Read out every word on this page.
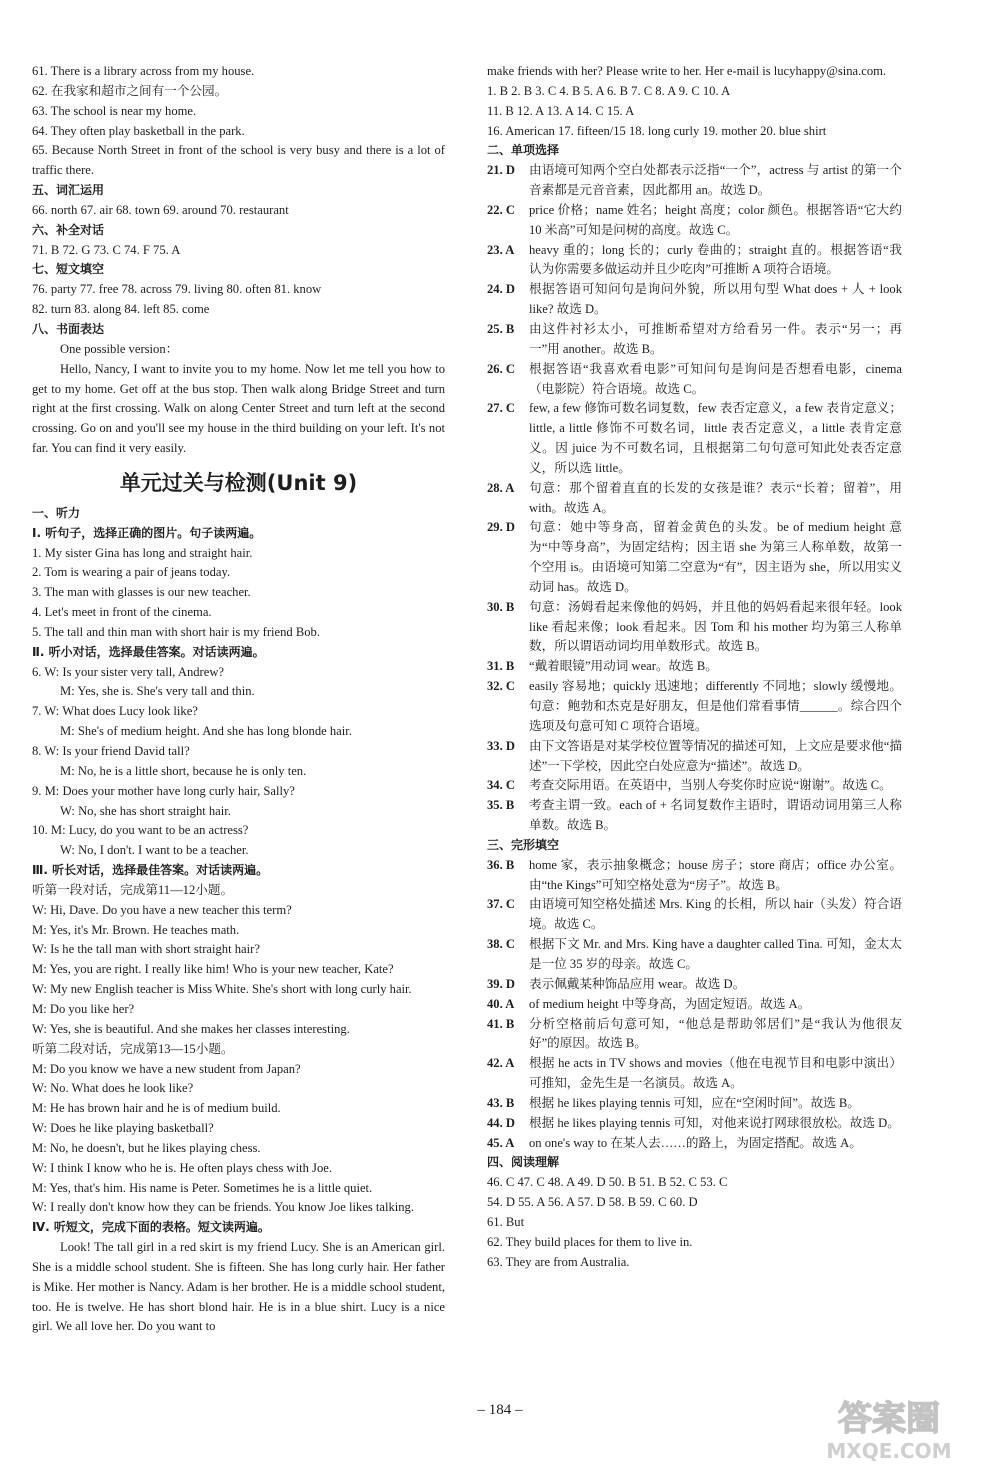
61. There is a library across from my house.
62. 在我家和超市之间有一个公园。
63. The school is near my home.
64. They often play basketball in the park.
65. Because North Street in front of the school is very busy and there is a lot of traffic there.
五、词汇运用
66. north 67. air 68. town 69. around 70. restaurant
六、补全对话
71. B 72. G 73. C 74. F 75. A
七、短文填空
76. party 77. free 78. across 79. living 80. often 81. know
82. turn 83. along 84. left 85. come
八、书面表达
One possible version：
Hello, Nancy, I want to invite you to my home. Now let me tell you how to get to my home. Get off at the bus stop. Then walk along Bridge Street and turn right at the first crossing. Walk on along Center Street and turn left at the second crossing. Go on and you'll see my house in the third building on your left. It's not far. You can find it very easily.
单元过关与检测(Unit 9)
一、听力
Ⅰ. 听句子，选择正确的图片。句子读两遍。
1. My sister Gina has long and straight hair.
2. Tom is wearing a pair of jeans today.
3. The man with glasses is our new teacher.
4. Let's meet in front of the cinema.
5. The tall and thin man with short hair is my friend Bob.
Ⅱ. 听小对话，选择最佳答案。对话读两遍。
6. W: Is your sister very tall, Andrew?
M: Yes, she is. She's very tall and thin.
7. W: What does Lucy look like?
M: She's of medium height. And she has long blonde hair.
8. W: Is your friend David tall?
M: No, he is a little short, because he is only ten.
9. M: Does your mother have long curly hair, Sally?
W: No, she has short straight hair.
10. M: Lucy, do you want to be an actress?
W: No, I don't. I want to be a teacher.
Ⅲ. 听长对话，选择最佳答案。对话读两遍。
听第一段对话，完成第11—12小题。
W: Hi, Dave. Do you have a new teacher this term?
M: Yes, it's Mr. Brown. He teaches math.
W: Is he the tall man with short straight hair?
M: Yes, you are right. I really like him! Who is your new teacher, Kate?
W: My new English teacher is Miss White. She's short with long curly hair.
M: Do you like her?
W: Yes, she is beautiful. And she makes her classes interesting.
听第二段对话，完成第13—15小题。
M: Do you know we have a new student from Japan?
W: No. What does he look like?
M: He has brown hair and he is of medium build.
W: Does he like playing basketball?
M: No, he doesn't, but he likes playing chess.
W: I think I know who he is. He often plays chess with Joe.
M: Yes, that's him. His name is Peter. Sometimes he is a little quiet.
W: I really don't know how they can be friends. You know Joe likes talking.
Ⅳ. 听短文，完成下面的表格。短文读两遍。
Look! The tall girl in a red skirt is my friend Lucy. She is an American girl. She is a middle school student. She is fifteen. She has long curly hair. Her father is Mike. Her mother is Nancy. Adam is her brother. He is a middle school student, too. He is twelve. He has short blond hair. He is in a blue shirt. Lucy is a nice girl. We all love her. Do you want to
make friends with her? Please write to her. Her e-mail is lucyhappy@sina.com.
1. B 2. B 3. C 4. B 5. A 6. B 7. C 8. A 9. C 10. A
11. B 12. A 13. A 14. C 15. A
16. American 17. fifteen/15 18. long curly 19. mother 20. blue shirt
二、单项选择
21. D	由语境可知两个空白处都表示泛指“一个”，actress 与 artist 的第一个音素都是元音音素，因此都用 an。故选 D。
22. C	price 价格；name 姓名；height 高度；color 颜色。根据答语“它大约 10 米高”可知是问树的高度。故选 C。
23. A	heavy 重的；long 长的；curly 卷曲的；straight 直的。根据答语“我认为你需要多做运动并且少吃肉”可推断 A 项符合语境。
24. D	根据答语可知问句是询问外貌，所以用句型 What does + 人 + look like? 故选 D。
25. B	由这件衬衫太小，可推断希望对方给看另一件。表示“另一；再一”用 another。故选 B。
26. C	根据答语“我喜欢看电影”可知问句是询问是否想看电影，cinema（电影院）符合语境。故选 C。
27. C	few, a few 修饰可数名词复数，few 表否定意义，a few 表肯定意义；little, a little 修饰不可数名词，little 表否定意义，a little 表肯定意义。因 juice 为不可数名词，且根据第二句句意可知此处表否定意义，所以选 little。
28. A	句意：那个留着直直的长发的女孩是谁？表示“长着；留着”，用 with。故选 A。
29. D	句意：她中等身高，留着金黄色的头发。be of medium height 意为“中等身高”，为固定结构；因主语 she 为第三人称单数，故第一个空用 is。由语境可知第二空意为“有”，因主语为 she，所以用实义动词 has。故选 D。
30. B	句意：汤姆看起来像他的妈妈，并且他的妈妈看起来很年轻。look like 看起来像；look 看起来。因 Tom 和 his mother 均为第三人称单数，所以谓语动词均用单数形式。故选 B。
31. B	“戴着眼镜”用动词 wear。故选 B。
32. C	easily 容易地；quickly 迅速地；differently 不同地；slowly 缓慢地。句意：鲍勃和杰克是好朋友，但是他们常看事情______。综合四个选项及句意可知 C 项符合语境。
33. D	由下文答语是对某学校位置等情况的描述可知，上文应是要求他“描述”一下学校，因此空白处应意为“描述”。故选 D。
34. C	考查交际用语。在英语中，当别人夸奖你时应说“谢谢”。故选 C。
35. B	考查主谓一致。each of + 名词复数作主语时，谓语动词用第三人称单数。故选 B。
三、完形填空
36. B	home 家，表示抽象概念；house 房子；store 商店；office 办公室。由“the Kings”可知空格处意为“房子”。故选 B。
37. C	由语境可知空格处描述 Mrs. King 的长相，所以 hair（头发）符合语境。故选 C。
38. C	根据下文 Mr. and Mrs. King have a daughter called Tina. 可知，金太太是一位 35 岁的母亲。故选 C。
39. D	表示佩戴某种饰品应用 wear。故选 D。
40. A	of medium height 中等身高，为固定短语。故选 A。
41. B	分析空格前后句意可知，“他总是帮助邻居们”是“我认为他很友好”的原因。故选 B。
42. A	根据 he acts in TV shows and movies（他在电视节目和电影中演出）可推知，金先生是一名演员。故选 A。
43. B	根据 he likes playing tennis 可知，应在“空闲时间”。故选 B。
44. D	根据 he likes playing tennis 可知，对他来说打网球很放松。故选 D。
45. A	on one's way to 在某人去……的路上，为固定搭配。故选 A。
四、阅读理解
46. C 47. C 48. A 49. D 50. B 51. B 52. C 53. C
54. D 55. A 56. A 57. D 58. B 59. C 60. D
61. But
62. They build places for them to live in.
63. They are from Australia.
– 184 –	答案圈
MXQE.COM
